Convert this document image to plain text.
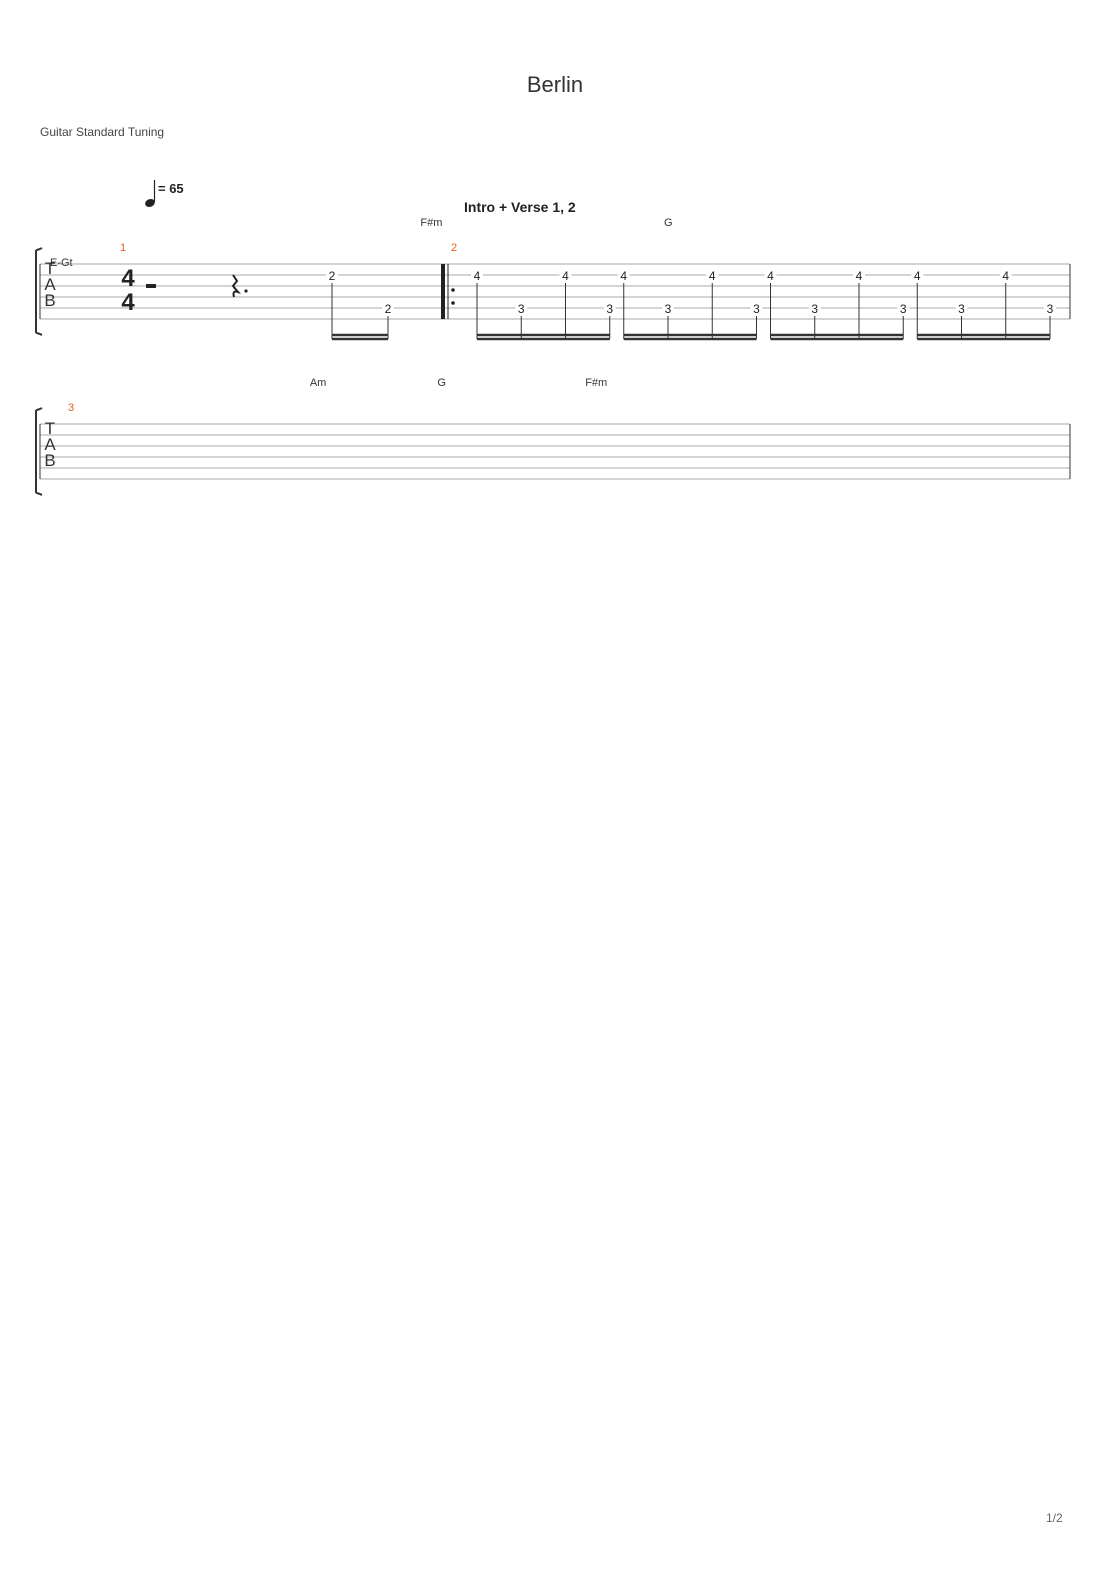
Berlin
Guitar Standard Tuning
T
A
B
F#m	G
= 65
Intro + Verse 1, 2
E-Gt
1
4
4
2
2
2
4
3
4
3
4
3
4
3
4
3
4
3
4
3
4
3
T
A
B
Am	G	F#m
3
1/2
